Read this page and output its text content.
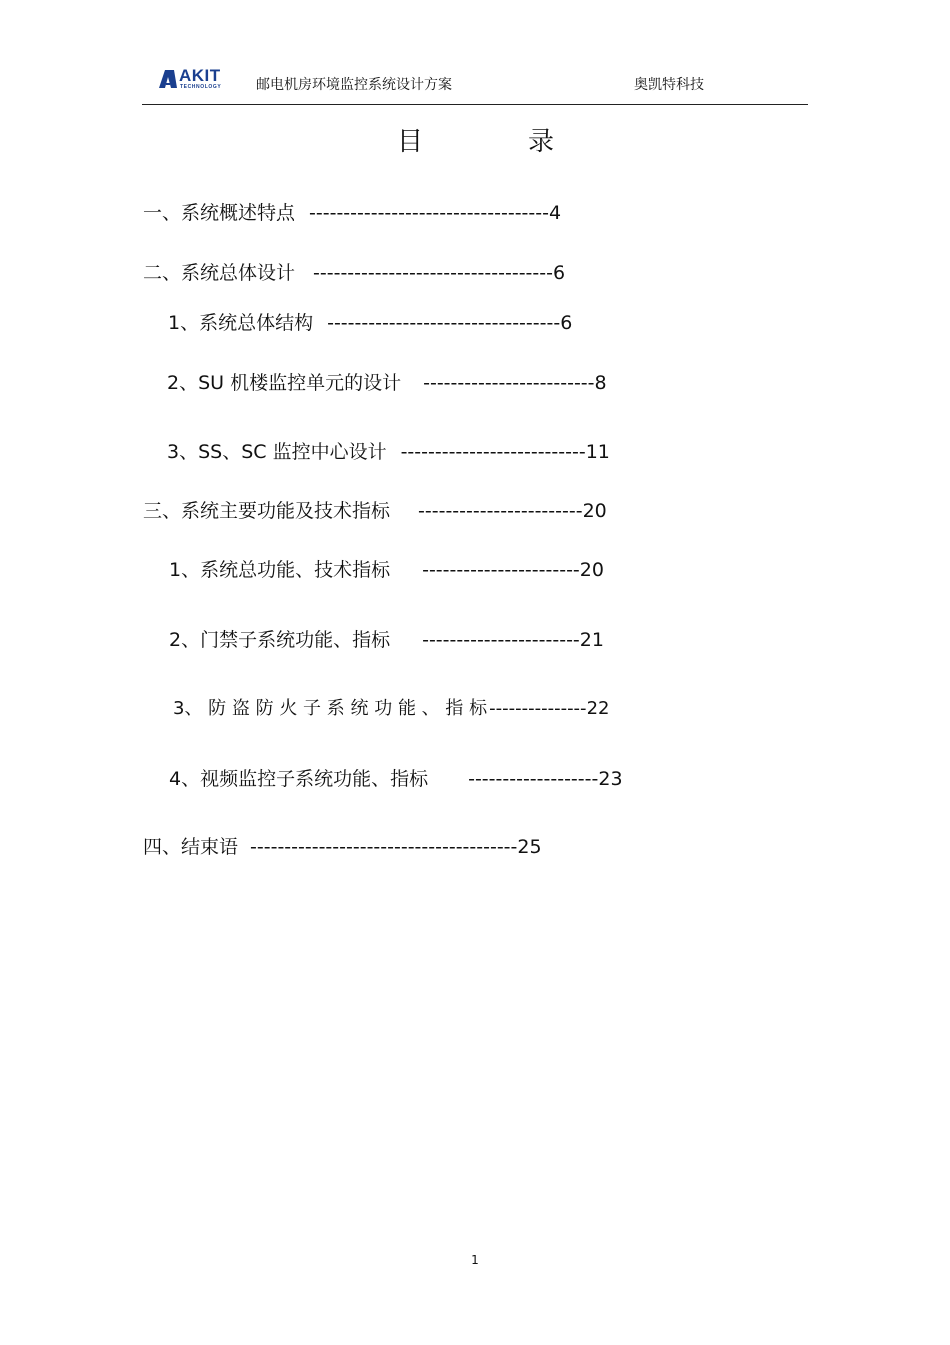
AKIT
TECHNOLOGY 邮电机房环境监控系统设计方案	奥凯特科技
目	录
一、系统概述特点 -----------------------------------4
二、系统总体设计 -----------------------------------6
1、系统总体结构 ----------------------------------6
2、SU 机楼监控单元的设计 -------------------------8
3、SS、SC 监控中心设计 ---------------------------11
三、系统主要功能及技术指标 ------------------------20
1、系统总功能、技术指标 -----------------------20
2、门禁子系统功能、指标 -----------------------21
3、 防 盗 防 火 子 系 统 功 能 、 指 标 ---------------22
4、视频监控子系统功能、指标 -------------------23
四、结束语 ---------------------------------------25
1
